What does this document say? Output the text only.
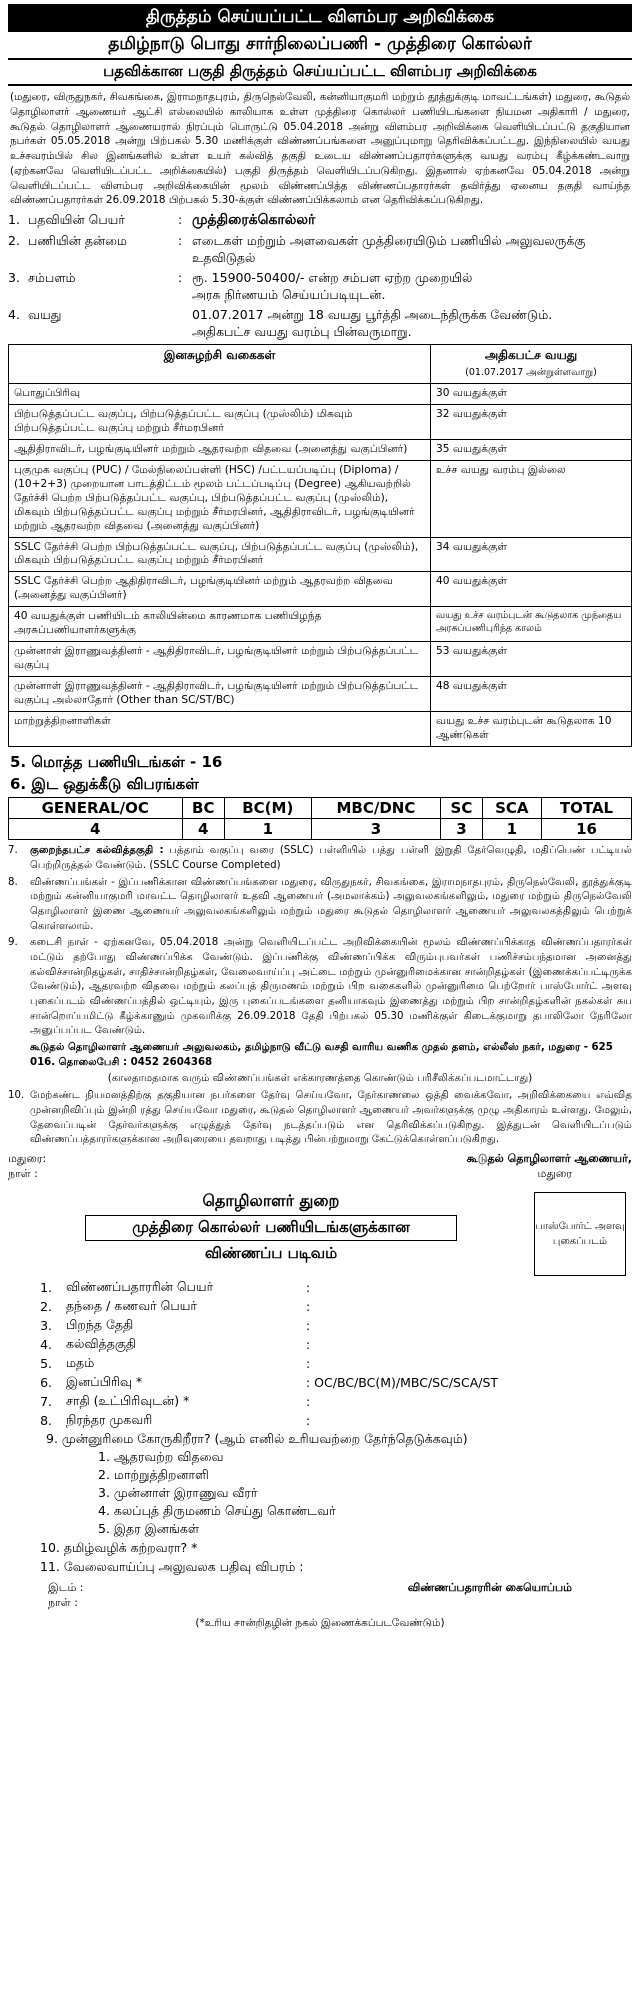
திருத்தம் செய்யப்பட்ட விளம்பர அறிவிக்கை
தமிழ்நாடு பொது சார்நிலைப்பணி - முத்திரை கொல்லர்
பதவிக்கான பகுதி திருத்தம் செய்யப்பட்ட விளம்பர அறிவிக்கை
(மதுரை, விருதுநகர், சிவகங்கை, இராமநாதபுரம், திருநெல்வேலி, கன்னியாகுமரி மற்றும் தூத்துக்குடி மாவட்டங்கள்) மதுரை, கூடுதல் தொழிலாளர் ஆணையர் ஆட்சி எல்லையில் காலியாக உள்ள முத்திரை கொல்லர் பணியிடங்களை நியமன அதிகாரி / மதுரை, கூடுதல் தொழிலாளர் ஆணையரால் நிரப்பும் பொருட்டு 05.04.2018 அன்று விளம்பர அறிவிக்கை வெளியிடப்பட்டு தகுதியான நபர்கள் 05.05.2018 அன்று பிற்பகல் 5.30 மணிக்குள் விண்ணப்பங்களை அனுப்புமாறு தெரிவிக்கப்பட்டது. இந்நிலையில் வயது உச்சவரம்பில் சில இனங்களில் உள்ள உயர் கல்வித் தகுதி உடைய விண்ணப்பதாரர்களுக்கு வயது வரம்பு கீழ்க்கண்டவாறு (ஏற்கனவே வெளியிடப்பட்ட அறிக்கையில்) பகுதி திருத்தம் வெளியிடப்படுகிறது. இதனால் ஏற்கனவே 05.04.2018 அன்று வெளியிடப்பட்ட விளம்பர அறிவிக்கையின் மூலம் விண்ணப்பித்த விண்ணப்பதாரர்கள் தவிர்த்து ஏனைய தகுதி வாய்ந்த விண்ணப்பதாரர்கள் 26.09.2018 பிற்பகல் 5.30-க்குள் விண்ணப்பிக்கலாம் என தெரிவிக்கப்படுகிறது.
1. பதவியின் பெயர்	: முத்திரைக்கொல்லர்
2. பணியின் தன்மை	: எடைகள் மற்றும் அளவைகள் முத்திரையிடும் பணியில் அலுவலருக்கு உதவிடுதல்
3. சம்பளம்	: ரூ. 15900-50400/- என்ற சம்பள ஏற்ற முறையில்
அரசு நிர்ணயம் செய்யப்படியுடன்.
4. வயது	01.07.2017 அன்று 18 வயது பூர்த்தி அடைந்திருக்க வேண்டும்.
அதிகபட்ச வயது வரம்பு பின்வருமாறு.
இனசுழற்சி வகைகள்	அதிகபட்ச வயது
(01.07.2017 அன்றுள்ளவாறு)
பொதுப்பிரிவு	30 வயதுக்குள்
பிற்படுத்தப்பட்ட வகுப்பு, பிற்படுத்தப்பட்ட வகுப்பு (முஸ்லிம்) மிகவும் பிற்படுத்தப்பட்ட வகுப்பு மற்றும் சீர்மரபினர்	32 வயதுக்குள்
ஆதிதிராவிடர், பழங்குடியினர் மற்றும் ஆதரவற்ற விதவை (அனைத்து வகுப்பினர்)	35 வயதுக்குள்
புகுமுக வகுப்பு (PUC) / மேல்நிலைப்பள்ளி (HSC) /பட்டயப்படிப்பு (Diploma) / (10+2+3) முறையான பாடத்திட்டம் மூலம் பட்டப்படிப்பு (Degree) ஆகியவற்றில் தேர்ச்சி பெற்ற பிற்படுத்தப்பட்ட வகுப்பு, பிற்படுத்தப்பட்ட வகுப்பு (முஸ்லிம்), மிகவும் பிற்படுத்தப்பட்ட வகுப்பு மற்றும் சீர்மரபினர், ஆதிதிராவிடர், பழங்குடியினர் மற்றும் ஆதரவற்ற விதவை (அனைத்து வகுப்பினர்)	உச்ச வயது வரம்பு இல்லை
SSLC தேர்ச்சி பெற்ற பிற்படுத்தப்பட்ட வகுப்பு, பிற்படுத்தப்பட்ட வகுப்பு (முஸ்லிம்), மிகவும் பிற்படுத்தப்பட்ட வகுப்பு மற்றும் சீர்மரபினர்	34 வயதுக்குள்
SSLC தேர்ச்சி பெற்ற ஆதிதிராவிடர், பழங்குடியினர் மற்றும் ஆதரவற்ற விதவை (அனைத்து வகுப்பினர்)	40 வயதுக்குள்
40 வயதுக்குள் பணியிடம் காலியின்மை காரணமாக பணியிழந்த அரசுப்பணியாளர்களுக்கு	வயது உச்ச வரம்புடன் கூடுதலாக முந்தைய அரசுப்பணிபுரிந்த காலம்
முன்னாள் இராணுவத்தினர் - ஆதிதிராவிடர், பழங்குடியினர் மற்றும் பிற்படுத்தப்பட்ட வகுப்பு	53 வயதுக்குள்
முன்னாள் இராணுவத்தினர் - ஆதிதிராவிடர், பழங்குடியினர் மற்றும் பிற்படுத்தப்பட்ட வகுப்பு அல்லாதோர் (Other than SC/ST/BC)	48 வயதுக்குள்
மாற்றுத்திறனாளிகள்	வயது உச்ச வரம்புடன் கூடுதலாக 10 ஆண்டுகள்
5. மொத்த பணியிடங்கள் - 16
6. இட ஒதுக்கீடு விபரங்கள்
GENERAL/OC	BC	BC(M)	MBC/DNC	SC	SCA	TOTAL
4	4	1	3	3	1	16
7.	குறைந்தபட்ச கல்வித்தகுதி : பத்தாம் வகுப்பு வரை (SSLC) பள்ளியில் பத்து பள்ளி இறுதி தேர்வெழுதி, மதிப்பெண் பட்டியல் பெற்றிருத்தல் வேண்டும். (SSLC Course Completed)
8.	விண்ணப்பங்கள் - இப்பணிக்கான விண்ணப்பங்களை மதுரை, விருதுநகர், சிவகங்கை, இராமநாதபுரம், திருநெல்வேலி, தூத்துக்குடி மற்றும் கன்னியாகுமரி மாவட்ட தொழிலாளர் உதவி ஆணையர் (அமலாக்கம்) அலுவலகங்களிலும், மதுரை மற்றும் திருநெல்வேலி தொழிலாளர் இணை ஆணையர் அலுவலகங்களிலும் மற்றும் மதுரை கூடுதல் தொழிலாளர் ஆணையர் அலுவலகத்திலும் பெற்றுக் கொள்ளலாம்.
9.	கடைசி நாள் - ஏற்கனவே, 05.04.2018 அன்று வெளியிடப்பட்ட அறிவிக்கையின் மூலம் விண்ணப்பிக்காத விண்ணப்பதாரர்கள் மட்டும் தற்போது விண்ணப்பிக்க வேண்டும். இப்பணிக்கு விண்ணப்பிக்க விரும்புபவர்கள் பணிச்சம்பந்தமான அனைத்து கல்விச்சான்றிதழ்கள், சாதிச்சான்றிதழ்கள், வேலைவாய்ப்பு அட்டை மற்றும் முன்னுரிமைக்கான சான்றிதழ்கள் (இணைக்கப்பட்டிருக்க வேண்டும்), ஆதரவற்ற விதவை மற்றும் கலப்புத் திருமணம் மற்றும் பிற வகைகளில் முன்னுரிமை பெற்றோர் பாஸ்போர்ட் அளவு புகைப்படம் விண்ணப்பத்தில் ஒட்டியும், இரு புகைப்படங்களை தனியாகவும் இணைத்து மற்றும் பிற சான்றிதழ்களின் நகல்கள் சுய சான்றொப்பமிட்டு கீழ்க்காணும் முகவரிக்கு 26.09.2018 தேதி பிற்பகல் 05.30 மணிக்குள் கிடைக்குமாறு தபாலிலோ நேரிலோ அனுப்பப்பட வேண்டும்.
கூடுதல் தொழிலாளர் ஆணையர் அலுவலகம், தமிழ்நாடு வீட்டு வசதி வாரிய வணிக முதல் தளம், எல்லீஸ் நகர், மதுரை - 625 016. தொலைபேசி : 0452 2604368
(காலதாமதமாக வரும் விண்ணப்பங்கள் எக்காரணத்தை கொண்டும் பரிசீலிக்கப்படமாட்டாது)
10. மேற்கண்ட நியமனத்திற்கு தகுதியான நபர்களை தேர்வு செய்யவோ, நேர்காணலை ஒத்தி வைக்கவோ, அறிவிக்கையை எவ்வித முன்னறிவிப்பும் இன்றி ரத்து செய்யவோ மதுரை, கூடுதல் தொழிலாளர் ஆணையர் அவர்களுக்கு முழு அதிகாரம் உள்ளது. மேலும், தேவைப்படின் தேர்வர்களுக்கு எழுத்துத் தேர்வு நடத்தப்படும் என தெரிவிக்கப்படுகிறது. இத்துடன் வெளியிடப்படும் விண்ணப்பத்தாரர்களுக்கான அறிவுரையை தவறாது படித்து பின்பற்றுமாறு கேட்டுக்கொள்ளப்படுகிறது.
மதுரை:
நாள் :
கூடுதல் தொழிலாளர் ஆணையர்,
மதுரை
தொழிலாளர் துறை
முத்திரை கொல்லர் பணியிடங்களுக்கான
விண்ணப்ப படிவம்
பாஸ்போர்ட் அளவு புகைப்படம்
1.	விண்ணப்பதாரரின் பெயர்	:
2.	தந்தை / கணவர் பெயர்	:
3.	பிறந்த தேதி	:
4.	கல்வித்தகுதி	:
5.	மதம்	:
6.	இனப்பிரிவு *	: OC/BC/BC(M)/MBC/SC/SCA/ST
7.	சாதி (உட்பிரிவுடன்) *	:
8.	நிரந்தர முகவரி	:
9. முன்னுரிமை கோருகிறீரா? (ஆம் எனில் உரியவற்றை தேர்ந்தெடுக்கவும்)
1. ஆதரவற்ற விதவை
2. மாற்றுத்திறனாளி
3. முன்னாள் இராணுவ வீரர்
4. கலப்புத் திருமணம் செய்து கொண்டவர்
5. இதர இனங்கள்
10. தமிழ்வழிக் கற்றவரா? *
11. வேலைவாய்ப்பு அலுவலக பதிவு விபரம் :
இடம் :
நாள் :
விண்ணப்பதாரரின் கையொப்பம்
(*உரிய சான்றிதழின் நகல் இணைக்கப்படவேண்டும்)
